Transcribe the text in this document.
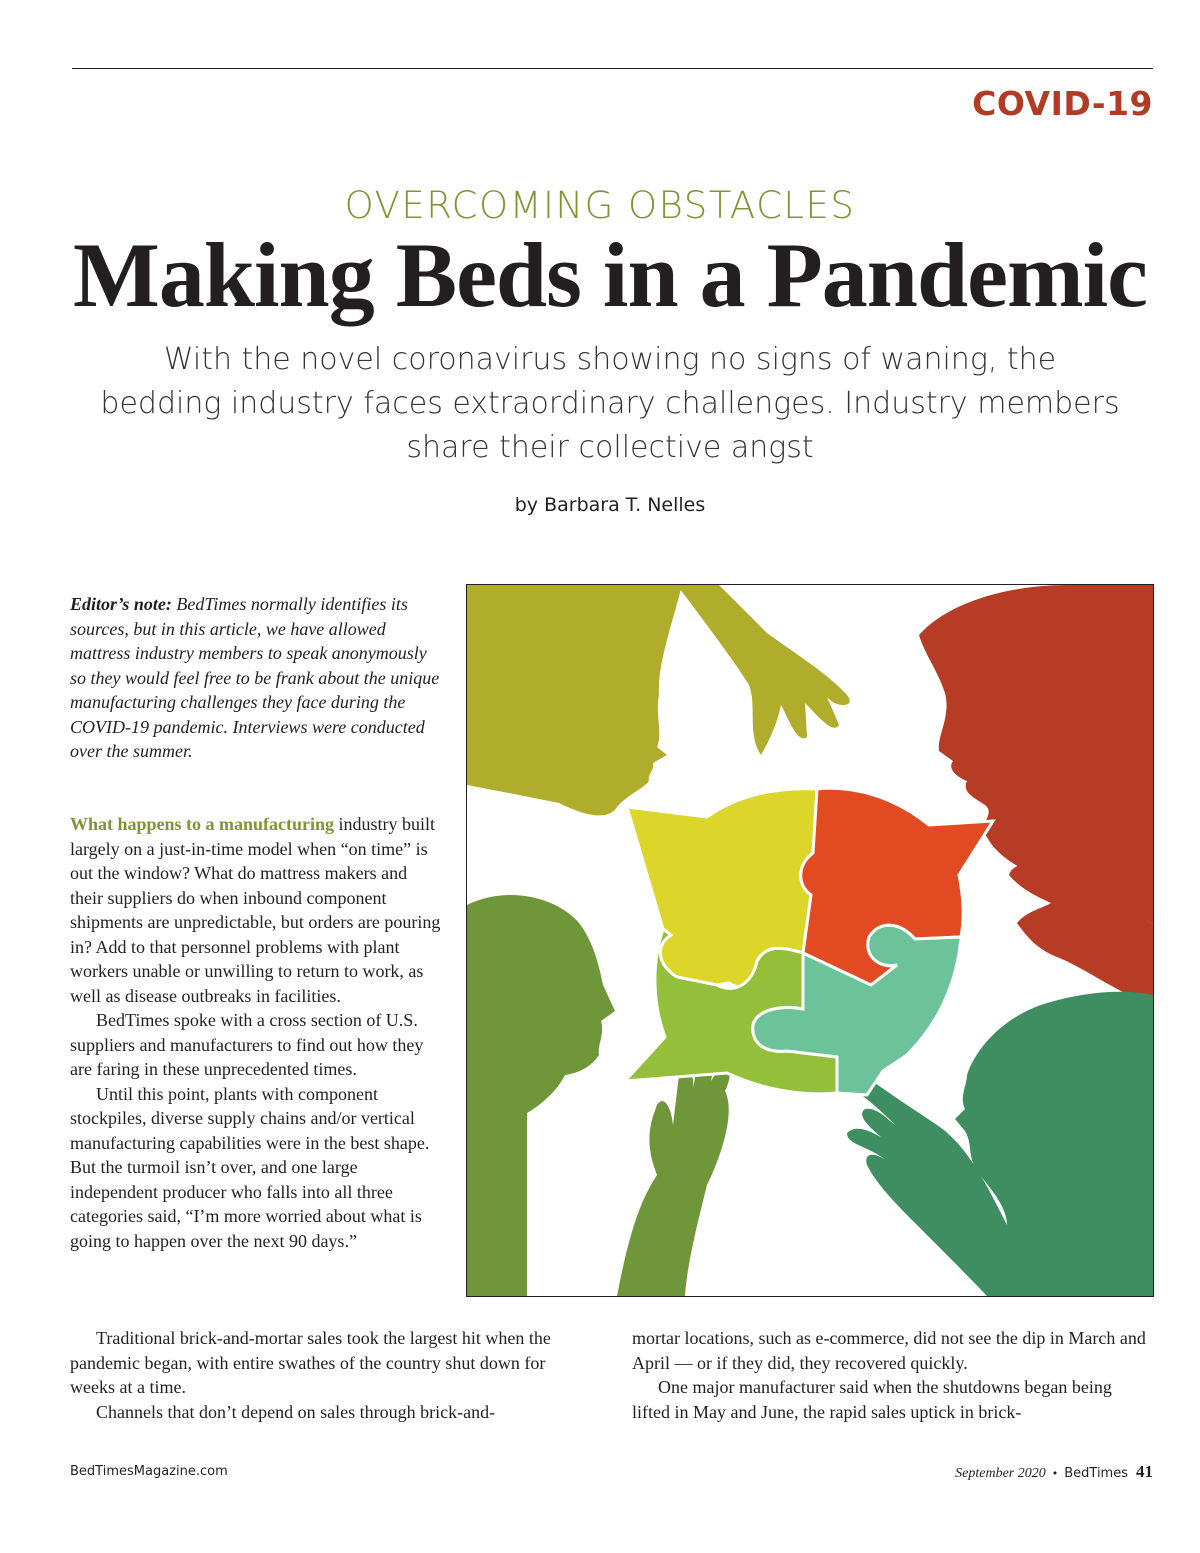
COVID-19
OVERCOMING OBSTACLES
Making Beds in a Pandemic
With the novel coronavirus showing no signs of waning, the bedding industry faces extraordinary challenges. Industry members share their collective angst
by Barbara T. Nelles

Editor’s note: BedTimes normally identifies its sources, but in this article, we have allowed mattress industry members to speak anonymously so they would feel free to be frank about the unique manufacturing challenges they face during the COVID-19 pandemic. Interviews were conducted over the summer.

What happens to a manufacturing industry built largely on a just-in-time model when “on time” is out the window? What do mattress makers and their suppliers do when inbound component shipments are unpredictable, but orders are pouring in? Add to that personnel problems with plant workers unable or unwilling to return to work, as well as disease outbreaks in facilities.

BedTimes spoke with a cross section of U.S. suppliers and manufacturers to find out how they are faring in these unprecedented times.

Until this point, plants with component stockpiles, diverse supply chains and/or vertical manufacturing capabilities were in the best shape. But the turmoil isn’t over, and one large independent producer who falls into all three categories said, “I’m more worried about what is going to happen over the next 90 days.”

Traditional brick-and-mortar sales took the largest hit when the pandemic began, with entire swathes of the country shut down for weeks at a time.

Channels that don’t depend on sales through brick-and-

mortar locations, such as e-commerce, did not see the dip in March and April — or if they did, they recovered quickly.

One major manufacturer said when the shutdowns began being lifted in May and June, the rapid sales uptick in brick-

BedTimesMagazine.com	September 2020 • BedTimes 41
